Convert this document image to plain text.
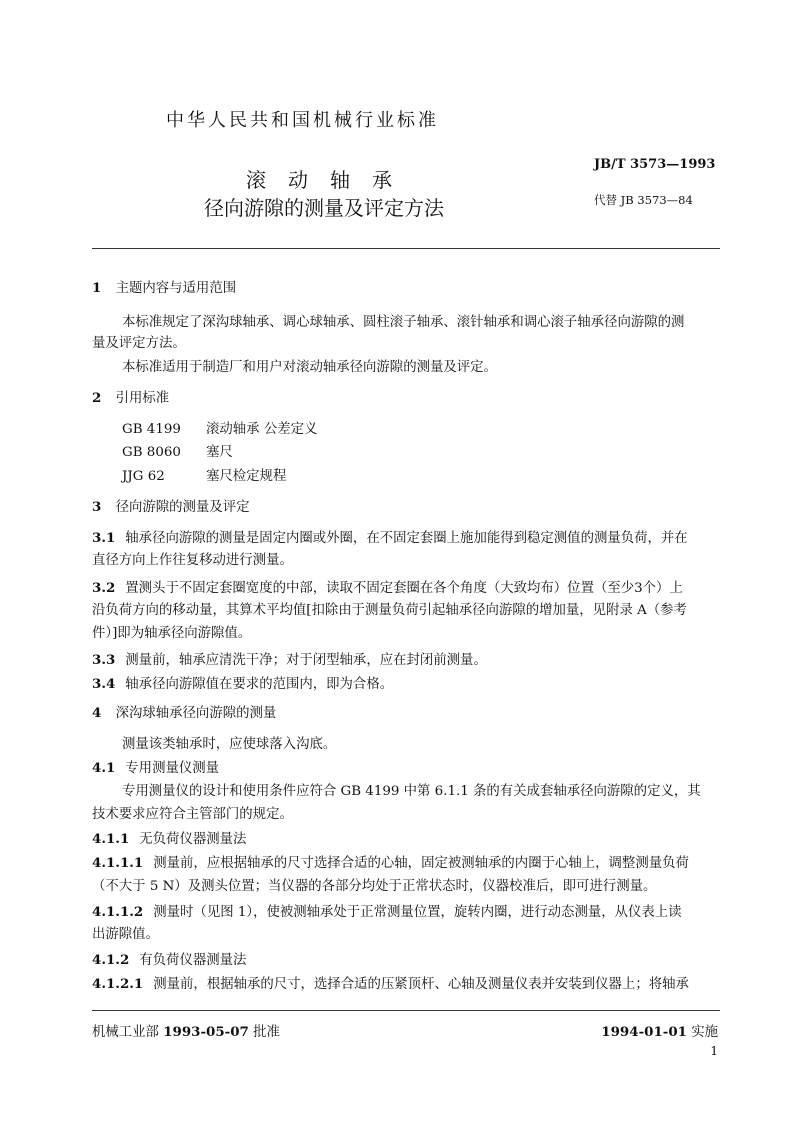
中华人民共和国机械行业标准
滚动轴承
径向游隙的测量及评定方法
JB/T 3573—1993
代替 JB 3573—84
1 主题内容与适用范围
本标准规定了深沟球轴承、调心球轴承、圆柱滚子轴承、滚针轴承和调心滚子轴承径向游隙的测
量及评定方法。
本标准适用于制造厂和用户对滚动轴承径向游隙的测量及评定。
2 引用标准
GB 4199 滚动轴承 公差定义
GB 8060 塞尺
JJG 62	塞尺检定规程
3 径向游隙的测量及评定
3.1 轴承径向游隙的测量是固定内圈或外圈，在不固定套圈上施加能得到稳定测值的测量负荷，并在
直径方向上作往复移动进行测量。
3.2 置测头于不固定套圈宽度的中部，读取不固定套圈在各个角度（大致均布）位置（至少3个）上
沿负荷方向的移动量，其算术平均值[扣除由于测量负荷引起轴承径向游隙的增加量，见附录 A（参考
件）]即为轴承径向游隙值。
3.3 测量前，轴承应清洗干净；对于闭型轴承，应在封闭前测量。
3.4 轴承径向游隙值在要求的范围内，即为合格。
4 深沟球轴承径向游隙的测量
测量该类轴承时，应使球落入沟底。
4.1 专用测量仪测量
专用测量仪的设计和使用条件应符合 GB 4199 中第 6.1.1 条的有关成套轴承径向游隙的定义，其
技术要求应符合主管部门的规定。
4.1.1 无负荷仪器测量法
4.1.1.1 测量前，应根据轴承的尺寸选择合适的心轴，固定被测轴承的内圈于心轴上，调整测量负荷
（不大于 5 N）及测头位置；当仪器的各部分均处于正常状态时，仪器校准后，即可进行测量。
4.1.1.2 测量时（见图 1），使被测轴承处于正常测量位置，旋转内圈，进行动态测量，从仪表上读
出游隙值。
4.1.2 有负荷仪器测量法
4.1.2.1 测量前，根据轴承的尺寸，选择合适的压紧顶杆、心轴及测量仪表并安装到仪器上；将轴承
机械工业部 1993-05-07 批准	1994-01-01 实施
1
